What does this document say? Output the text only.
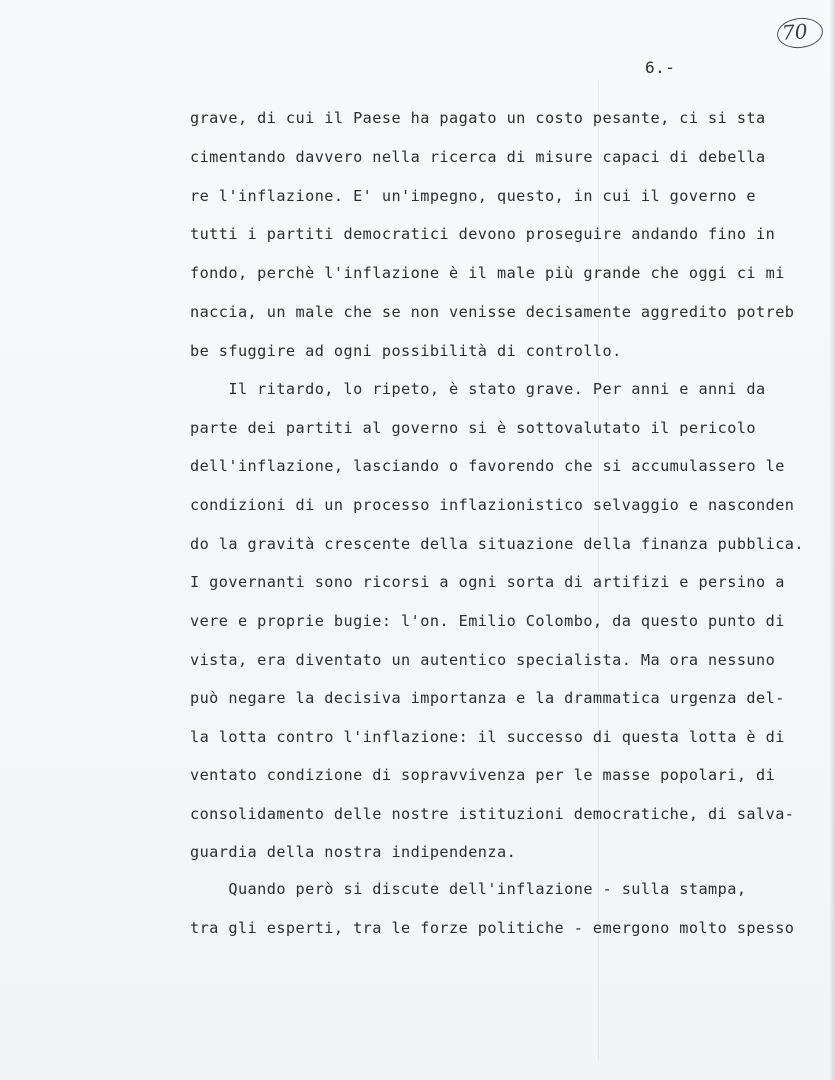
70
6.-
grave, di cui il Paese ha pagato un costo pesante, ci si sta
cimentando davvero nella ricerca di misure capaci di debella
re l'inflazione. E' un'impegno, questo, in cui il governo e
tutti i partiti democratici devono proseguire andando fino in
fondo, perchè l'inflazione è il male più grande che oggi ci mi
naccia, un male che se non venisse decisamente aggredito potreb
be sfuggire ad ogni possibilità di controllo.
Il ritardo, lo ripeto, è stato grave. Per anni e anni da
parte dei partiti al governo si è sottovalutato il pericolo
dell'inflazione, lasciando o favorendo che si accumulassero le
condizioni di un processo inflazionistico selvaggio e nasconden
do la gravità crescente della situazione della finanza pubblica.
I governanti sono ricorsi a ogni sorta di artifizi e persino a
vere e proprie bugie: l'on. Emilio Colombo, da questo punto di
vista, era diventato un autentico specialista. Ma ora nessuno
può negare la decisiva importanza e la drammatica urgenza del-
la lotta contro l'inflazione: il successo di questa lotta è di
ventato condizione di sopravvivenza per le masse popolari, di
consolidamento delle nostre istituzioni democratiche, di salva-
guardia della nostra indipendenza.
Quando però si discute dell'inflazione - sulla stampa,
tra gli esperti, tra le forze politiche - emergono molto spesso
